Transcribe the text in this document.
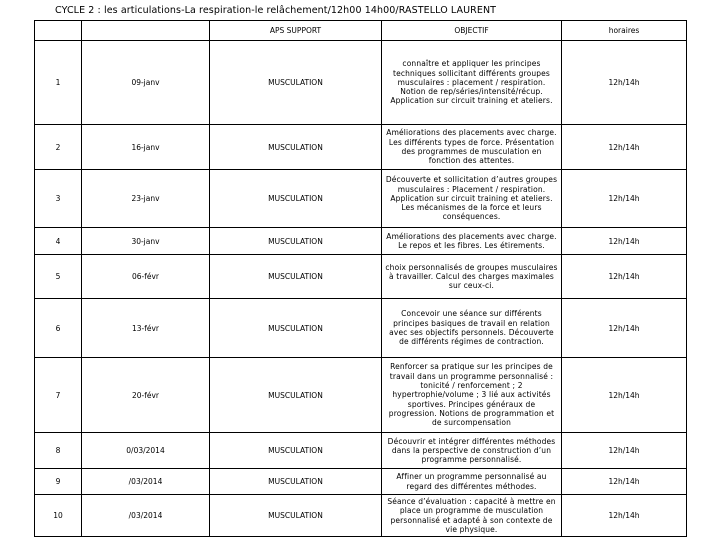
CYCLE 2 : les articulations-La respiration-le relâchement/12h00 14h00/RASTELLO LAURENT
		APS SUPPORT	OBJECTIF	horaires
1	09-janv	MUSCULATION	connaître et appliquer les principes techniques sollicitant différents groupes musculaires : placement / respiration. Notion de rep/séries/intensité/récup. Application sur circuit training et ateliers.	12h/14h
2	16-janv	MUSCULATION	Améliorations des placements avec charge. Les différents types de force. Présentation des programmes de musculation en fonction des attentes.	12h/14h
3	23-janv	MUSCULATION	Découverte et sollicitation d’autres groupes musculaires : Placement / respiration. Application sur circuit training et ateliers. Les mécanismes de la force et leurs conséquences.	12h/14h
4	30-janv	MUSCULATION	Améliorations des placements avec charge. Le repos et les fibres. Les étirements.	12h/14h
5	06-févr	MUSCULATION	choix personnalisés de groupes musculaires à travailler. Calcul des charges maximales sur ceux-ci.	12h/14h
6	13-févr	MUSCULATION	Concevoir une séance sur différents principes basiques de travail en relation avec ses objectifs personnels. Découverte de différents régimes de contraction.	12h/14h
7	20-févr	MUSCULATION	Renforcer sa pratique sur les principes de travail dans un programme personnalisé : tonicité / renforcement ; 2 hypertrophie/volume ; 3 lié aux activités sportives. Principes généraux de progression. Notions de programmation et de surcompensation	12h/14h
8	0/03/2014	MUSCULATION	Découvrir et intégrer différentes méthodes dans la perspective de construction d’un programme personnalisé.	12h/14h
9	/03/2014	MUSCULATION	Affiner un programme personnalisé au regard des différentes méthodes.	12h/14h
10	/03/2014	MUSCULATION	Séance d’évaluation : capacité à mettre en place un programme de musculation personnalisé et adapté à son contexte de vie physique.	12h/14h
